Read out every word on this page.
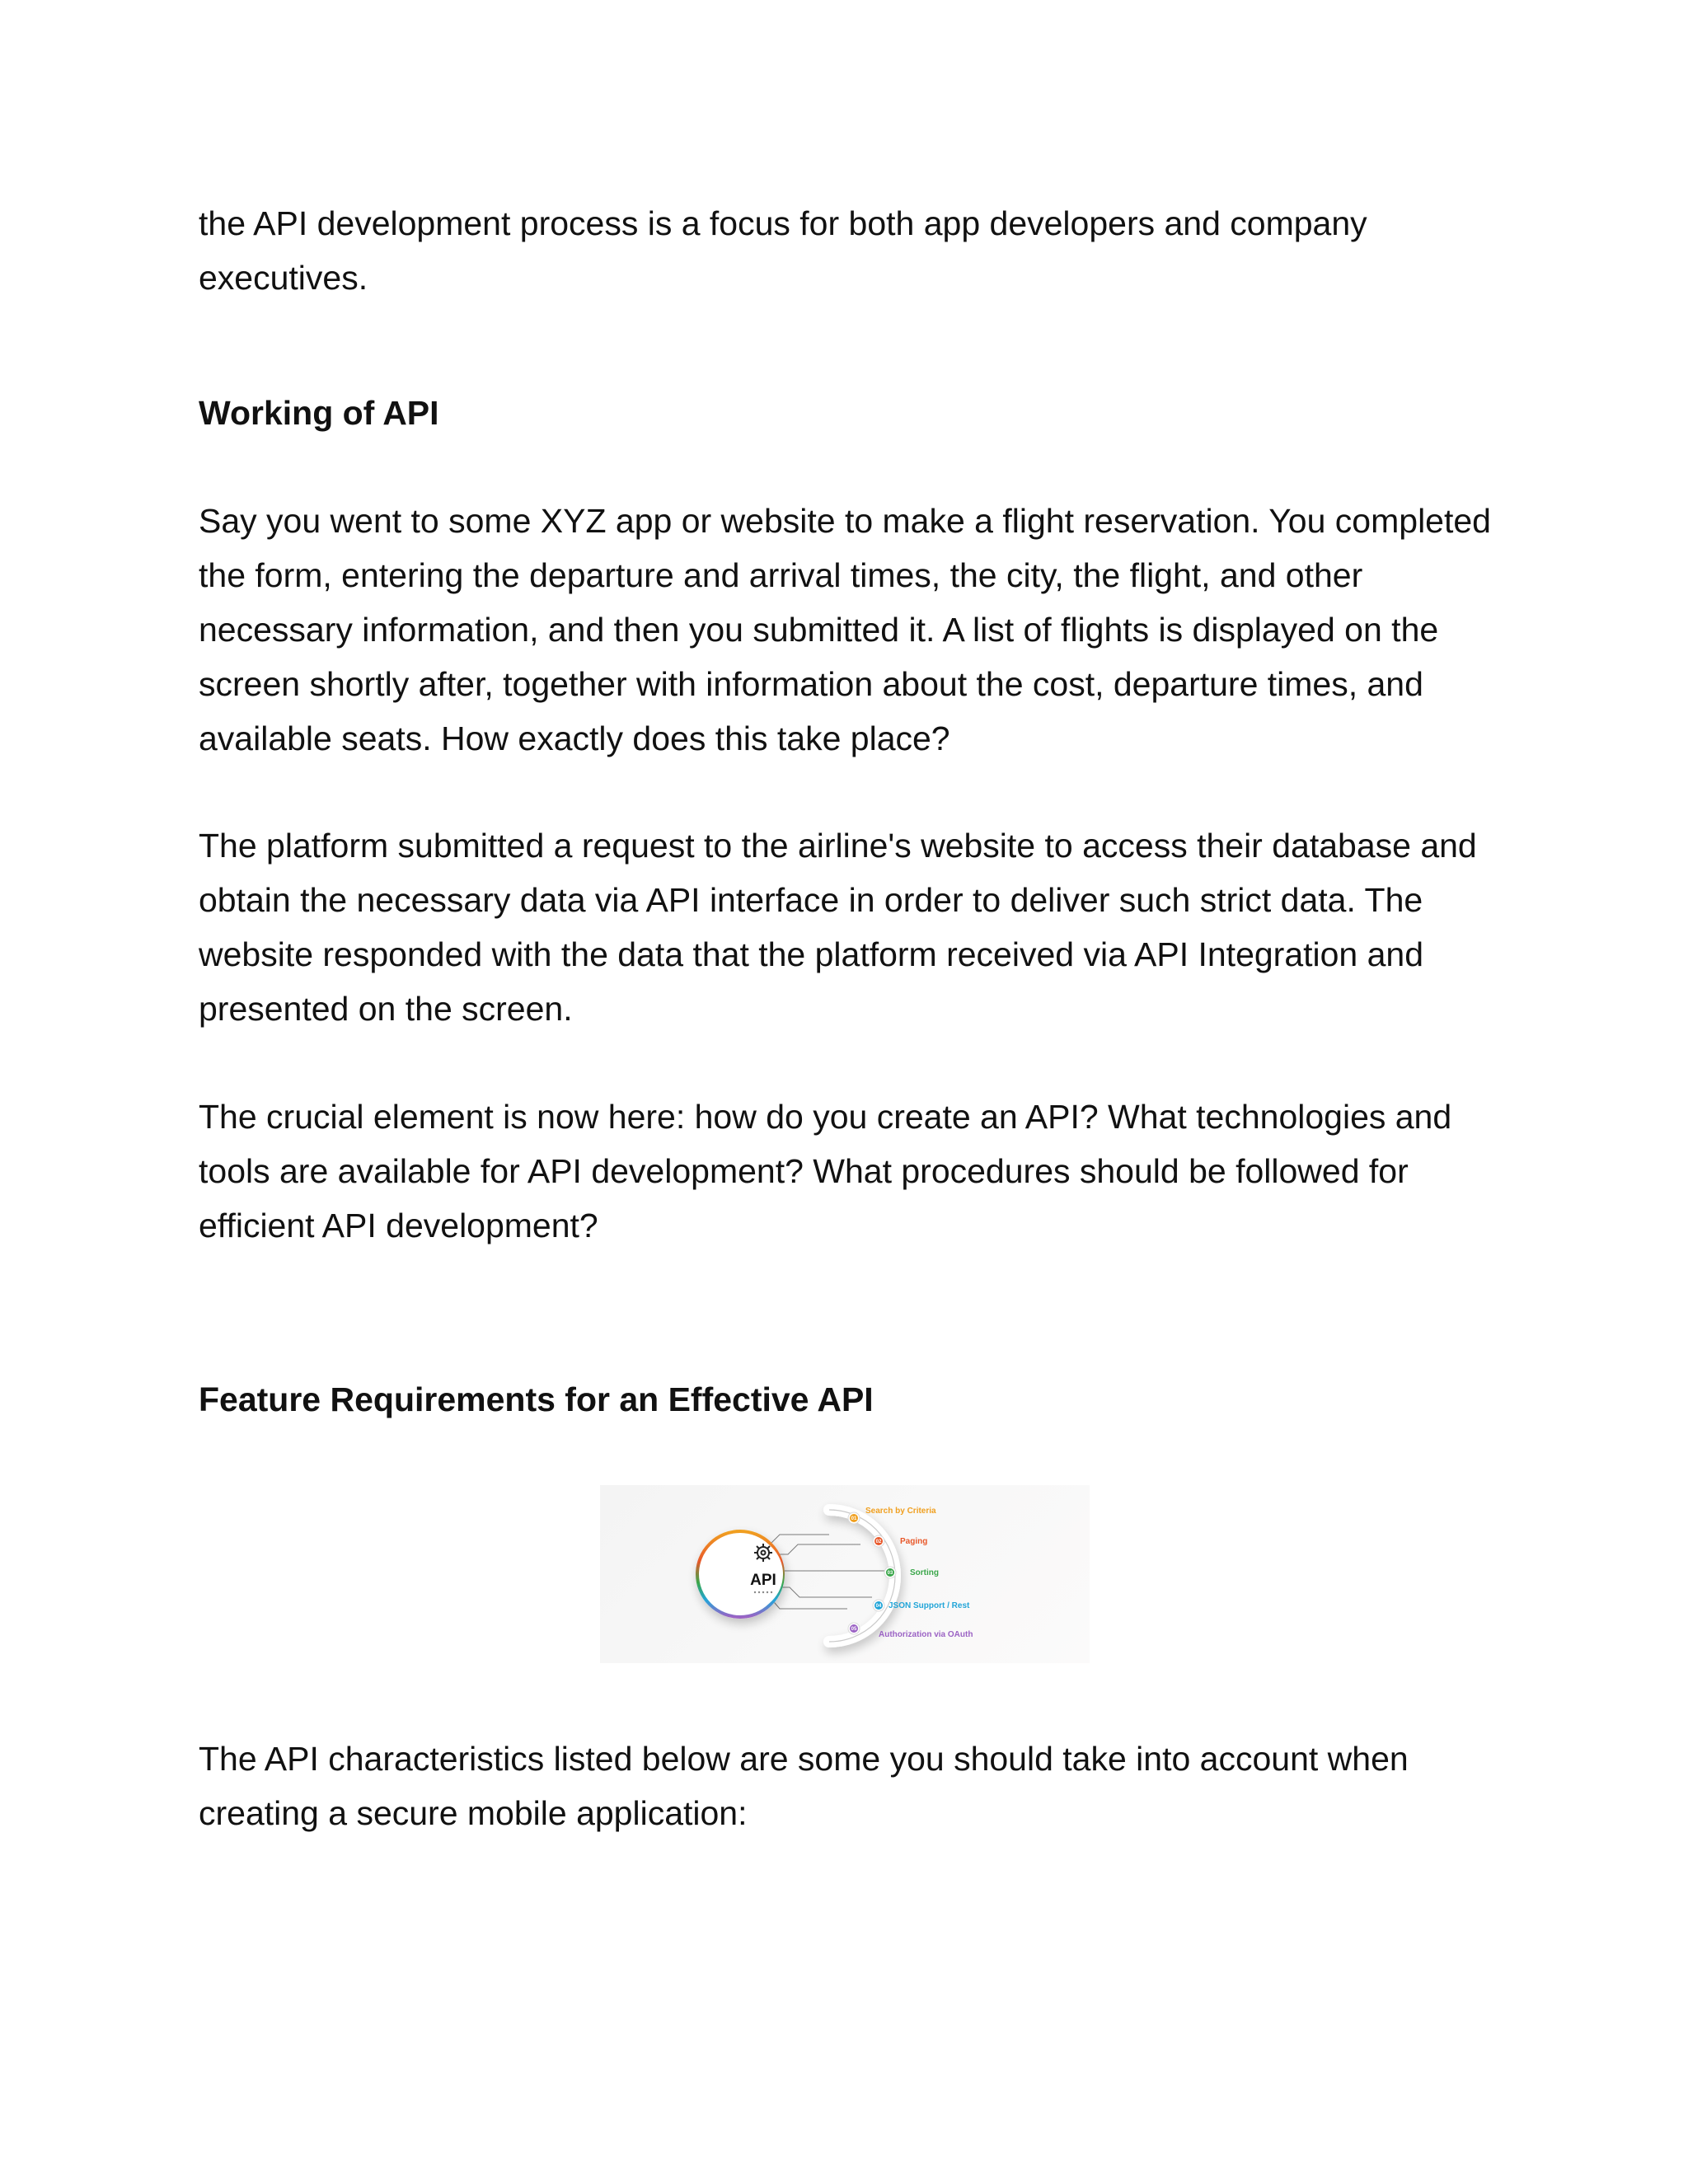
the API development process is a focus for both app developers and company executives.

Working of API

Say you went to some XYZ app or website to make a flight reservation. You completed the form, entering the departure and arrival times, the city, the flight, and other necessary information, and then you submitted it. A list of flights is displayed on the screen shortly after, together with information about the cost, departure times, and available seats. How exactly does this take place?

The platform submitted a request to the airline's website to access their database and obtain the necessary data via API interface in order to deliver such strict data. The website responded with the data that the platform received via API Integration and presented on the screen.

The crucial element is now here: how do you create an API? What technologies and tools are available for API development? What procedures should be followed for efficient API development?

Feature Requirements for an Effective API
API
01
Search by Criteria
02 Paging
03 Sorting
04 JSON Support / Rest
05
Authorization via OAuth

The API characteristics listed below are some you should take into account when creating a secure mobile application:
